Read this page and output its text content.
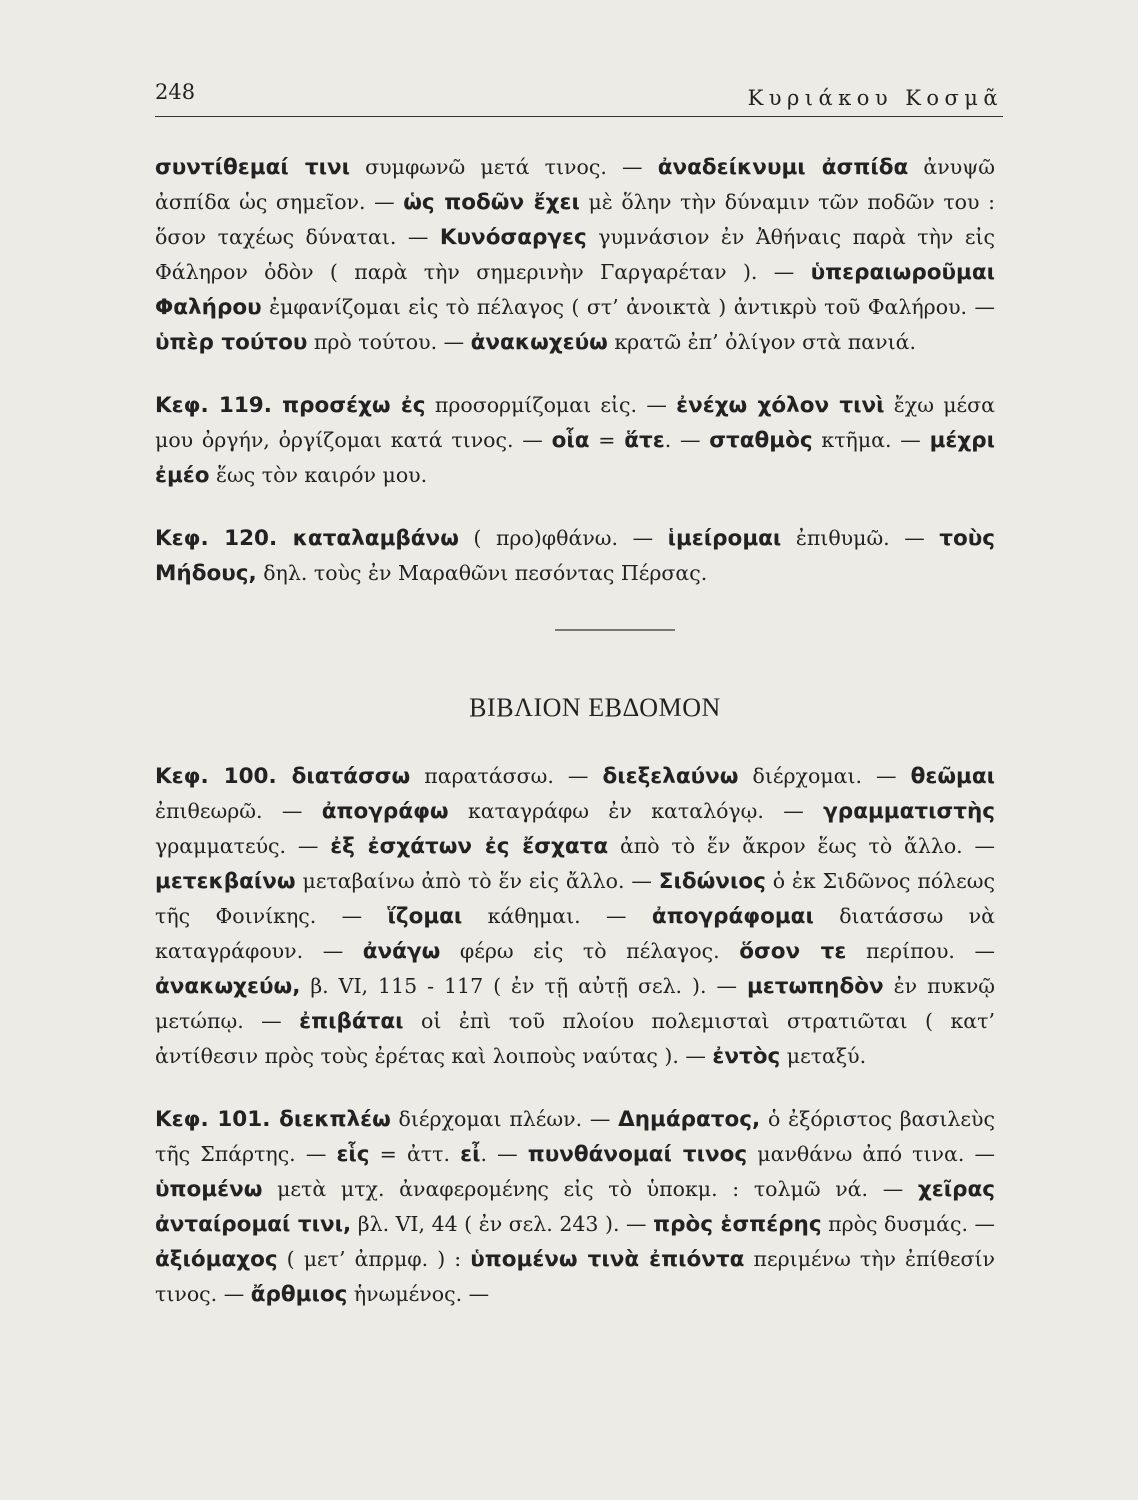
248	Κυριάκου Κοσμᾶ

συντίθεμαί τινι συμφωνῶ μετά τινος. — ἀναδείκνυμι ἀσπίδα ἀνυψῶ ἀσπίδα ὡς σημεῖον. — ὡς ποδῶν ἔχει μὲ ὅλην τὴν δύναμιν τῶν ποδῶν του : ὅσον ταχέως δύναται. — Κυνόσαργες γυμνάσιον ἐν Ἀθήναις παρὰ τὴν εἰς Φάληρον ὁδὸν ( παρὰ τὴν σημερινὴν Γαργαρέταν ). — ὑπεραιωροῦμαι Φαλήρου ἐμφανίζομαι εἰς τὸ πέλαγος ( στ’ ἀνοικτὰ ) ἀντικρὺ τοῦ Φαλήρου. — ὑπὲρ τούτου πρὸ τούτου. — ἀνακωχεύω κρατῶ ἐπ’ ὀλίγον στὰ πανιά.

Κεφ. 119. προσέχω ἐς προσορμίζομαι εἰς. — ἐνέχω χόλον τινὶ ἔχω μέσα μου ὀργήν, ὀργίζομαι κατά τινος. — οἷα = ἅτε. — σταθμὸς κτῆμα. — μέχρι ἐμέο ἕως τὸν καιρόν μου.

Κεφ. 120. καταλαμβάνω ( προ)φθάνω. — ἱμείρομαι ἐπιθυμῶ. — τοὺς Μήδους, δηλ. τοὺς ἐν Μαραθῶνι πεσόντας Πέρσας.

ΒΙΒΛΙΟΝ ΕΒΔΟΜΟΝ

Κεφ. 100. διατάσσω παρατάσσω. — διεξελαύνω διέρχομαι. — θεῶμαι ἐπιθεωρῶ. — ἀπογράφω καταγράφω ἐν καταλόγῳ. — γραμματιστὴς γραμματεύς. — ἐξ ἐσχάτων ἐς ἔσχατα ἀπὸ τὸ ἕν ἄκρον ἕως τὸ ἄλλο. — μετεκβαίνω μεταβαίνω ἀπὸ τὸ ἕν εἰς ἄλλο. — Σιδώνιος ὁ ἐκ Σιδῶνος πόλεως τῆς Φοινίκης. — ἵζομαι κάθημαι. — ἀπογράφομαι διατάσσω νὰ καταγράφουν. — ἀνάγω φέρω εἰς τὸ πέλαγος. ὅσον τε περίπου. — ἀνακωχεύω, β. VI, 115 - 117 ( ἐν τῇ αὐτῇ σελ. ). — μετωπηδὸν ἐν πυκνῷ μετώπῳ. — ἐπιβάται οἱ ἐπὶ τοῦ πλοίου πολεμισταὶ στρατιῶται ( κατ’ ἀντίθεσιν πρὸς τοὺς ἐρέτας καὶ λοιποὺς ναύτας ). — ἐντὸς μεταξύ.

Κεφ. 101. διεκπλέω διέρχομαι πλέων. — Δημάρατος, ὁ ἐξόριστος βασιλεὺς τῆς Σπάρτης. — εἷς = ἀττ. εἶ. — πυνθάνομαί τινος μανθάνω ἀπό τινα. — ὑπομένω μετὰ μτχ. ἀναφερομένης εἰς τὸ ὑποκμ. : τολμῶ νά. — χεῖρας ἀνταίρομαί τινι, βλ. VI, 44 ( ἐν σελ. 243 ). — πρὸς ἑσπέρης πρὸς δυσμάς. — ἀξιόμαχος ( μετ’ ἀπρμφ. ) : ὑπομένω τινὰ ἐπιόντα περιμένω τὴν ἐπίθεσίν τινος. — ἄρθμιος ἡνωμένος. —
